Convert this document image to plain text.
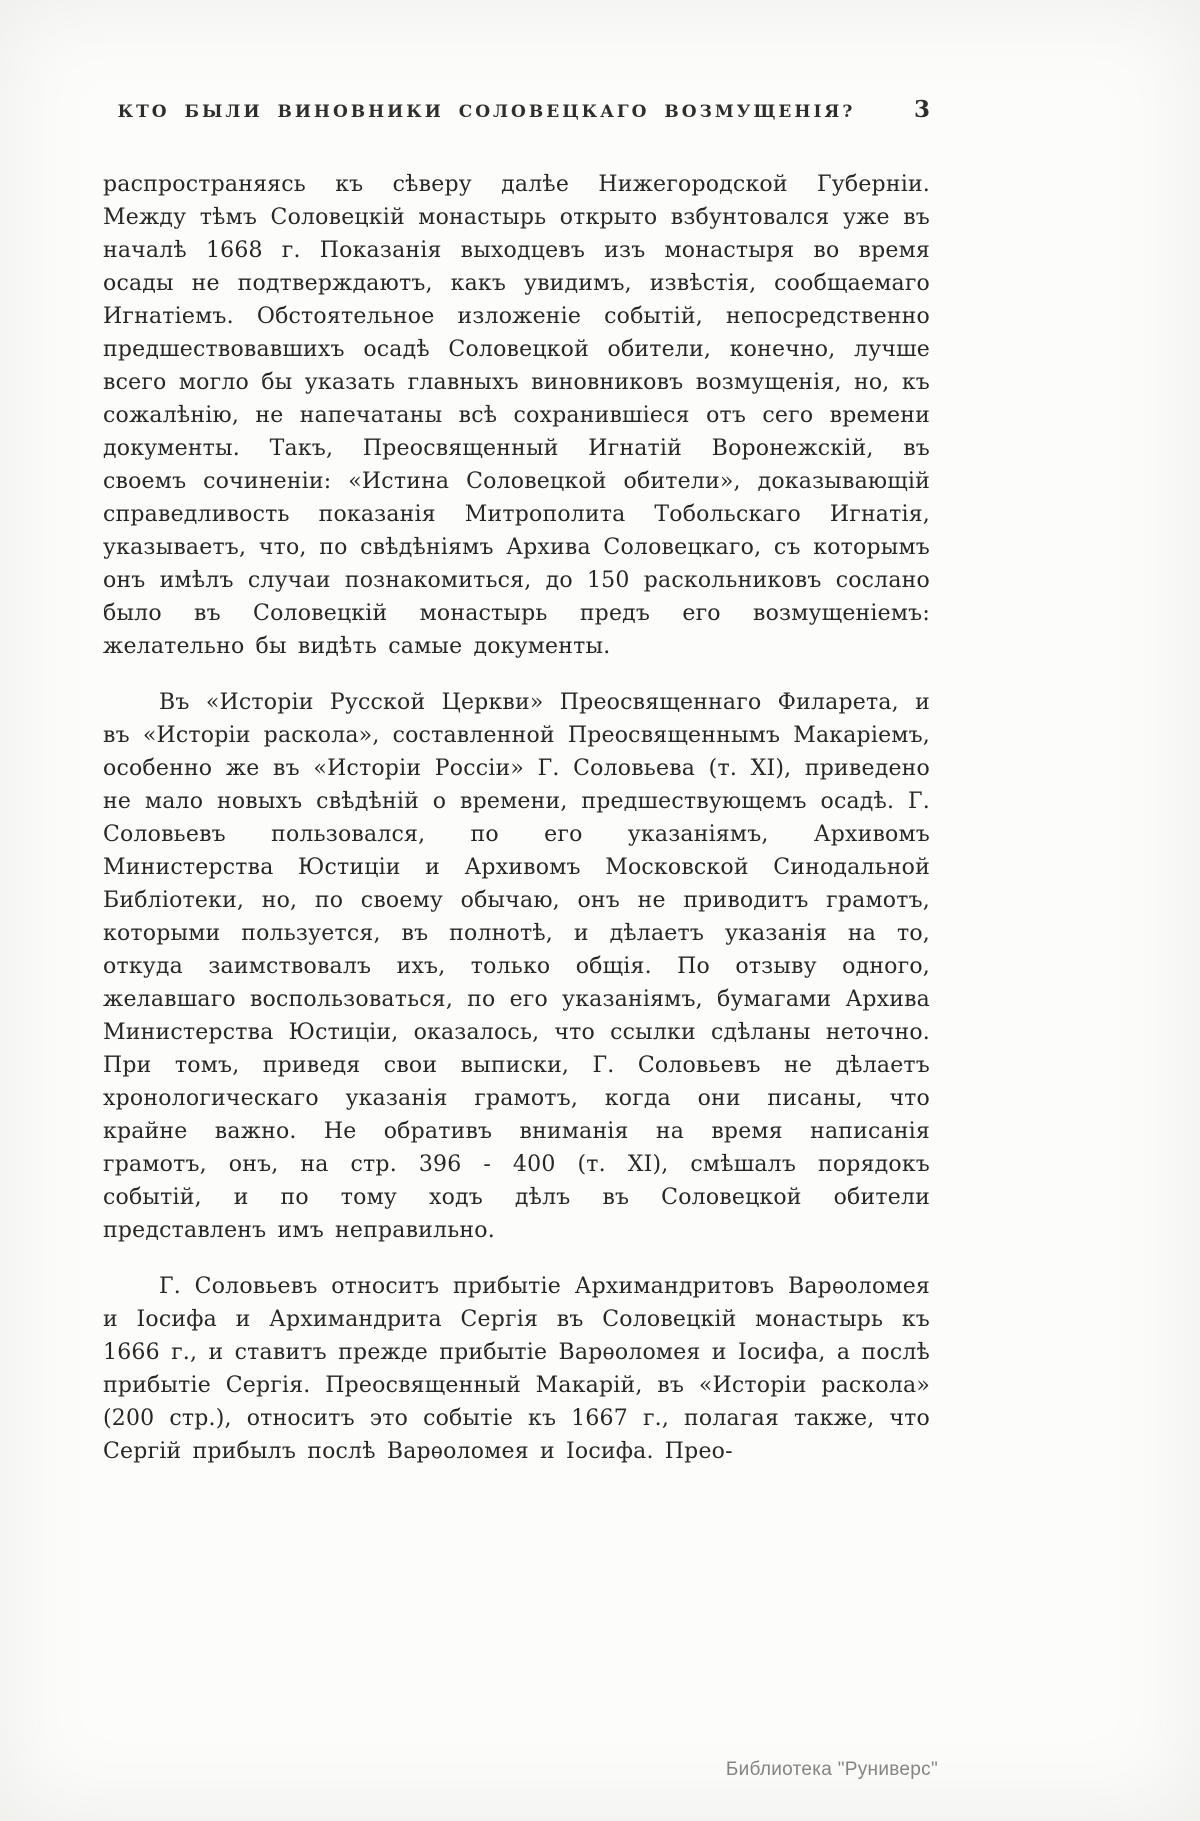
КТО БЫЛИ ВИНОВНИКИ СОЛОВЕЦКАГО ВОЗМУЩЕНІЯ?	3

распространяясь къ сѣверу далѣе Нижегородской Губерніи. Между тѣмъ Соловецкій монастырь открыто взбунтовался уже въ началѣ 1668 г. Показанія выходцевъ изъ монастыря во время осады не подтверждаютъ, какъ увидимъ, извѣстія, сообщаемаго Игнатіемъ. Обстоятельное изложеніе событій, непосредственно предшествовавшихъ осадѣ Соловецкой обители, конечно, лучше всего могло бы указать главныхъ виновниковъ возмущенія, но, къ сожалѣнію, не напечатаны всѣ сохранившіеся отъ сего времени документы. Такъ, Преосвященный Игнатій Воронежскій, въ своемъ сочиненіи: «Истина Соловецкой обители», доказывающій справедливость показанія Митрополита Тобольскаго Игнатія, указываетъ, что, по свѣдѣніямъ Архива Соловецкаго, съ которымъ онъ имѣлъ случаи познакомиться, до 150 раскольниковъ сослано было въ Соловецкій монастырь предъ его возмущеніемъ: желательно бы видѣть самые документы.

Въ «Исторіи Русской Церкви» Преосвященнаго Филарета, и въ «Исторіи раскола», составленной Преосвященнымъ Макаріемъ, особенно же въ «Исторіи Россіи» Г. Соловьева (т. XI), приведено не мало новыхъ свѣдѣній о времени, предшествующемъ осадѣ. Г. Соловьевъ пользовался, по его указаніямъ, Архивомъ Министерства Юстиціи и Архивомъ Московской Синодальной Библіотеки, но, по своему обычаю, онъ не приводитъ грамотъ, которыми пользуется, въ полнотѣ, и дѣлаетъ указанія на то, откуда заимствовалъ ихъ, только общія. По отзыву одного, желавшаго воспользоваться, по его указаніямъ, бумагами Архива Министерства Юстиціи, оказалось, что ссылки сдѣланы неточно. При томъ, приведя свои выписки, Г. Соловьевъ не дѣлаетъ хронологическаго указанія грамотъ, когда они писаны, что крайне важно. Не обративъ вниманія на время написанія грамотъ, онъ, на стр. 396 - 400 (т. XI), смѣшалъ порядокъ событій, и по тому ходъ дѣлъ въ Соловецкой обители представленъ имъ неправильно.

Г. Соловьевъ относитъ прибытіе Архимандритовъ Варѳоломея и Іосифа и Архимандрита Сергія въ Соловецкій монастырь къ 1666 г., и ставитъ прежде прибытіе Варѳоломея и Іосифа, а послѣ прибытіе Сергія. Преосвященный Макарій, въ «Исторіи раскола» (200 стр.), относитъ это событіе къ 1667 г., полагая также, что Сергій прибылъ послѣ Варѳоломея и Іосифа. Прео-

Библиотека "Руниверс"
